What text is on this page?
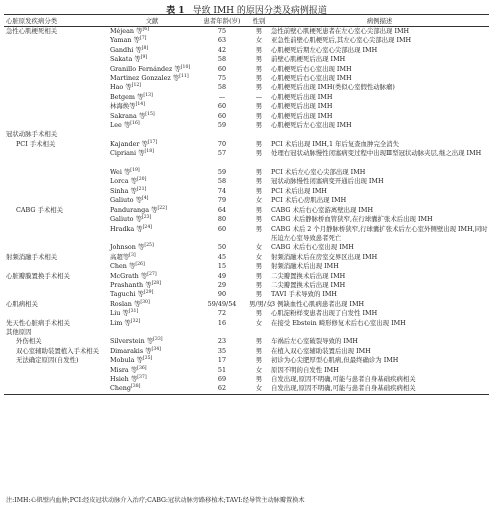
表 1 导致 IMH 的原因分类及病例报道
心脏原发疾病分类	文献	患者年龄(岁)	性别	病例描述
急性心肌梗死相关	Méjean 等[6]	75	男	急性前壁心肌梗死患者在左心室心尖部出现 IMH
	Yaman 等[7]	63	女	亚急性前壁心肌梗死后,其左心室心尖部出现 IMH
	Gandhi 等[8]	42	男	心肌梗死后期左心室心尖部出现 IMH
	Sakata 等[9]	58	男	前壁心肌梗死后出现 IMH
	Granillo Fernández 等[10]	60	男	心肌梗死后右心室出现 IMH
	Martinez Gonzalez 等[11]	75	男	心肌梗死后右心室出现 IMH
	Hao 等[12]	58	男	心肌梗死后出现 IMH(类似心室假性动脉瘤)
	Betgem 等[13]	—	—	心肌梗死后出现 IMH
	林海焕等[14]	60	男	心肌梗死后出现 IMH
	Sakrana 等[15]	60	男	心肌梗死后出现 IMH
	Lee 等[16]	59	男	心肌梗死后左心室出现 IMH
冠状动脉手术相关				
PCI 手术相关	Kajander 等[17]	70	男	PCI 术后出现 IMH,1 年后复查血肿完全消失
	Cipriani 等[18]	57	男	处理右冠状动脉慢性闭塞病变过程中出现Ⅲ型冠状动脉夹层,继之出现 IMH
	Wei 等[19]	59	男	PCI 术后左心室心尖部出现 IMH
	Lorca 等[20]	58	男	冠状动脉慢性闭塞病变开通后出现 IMH
	Sinha 等[21]	74	男	PCI 术后出现 IMH
	Galiuto 等[4]	79	女	PCI 术后心房肌出现 IMH
CABG 手术相关	Panduranga 等[22]	64	男	CABG 术后右心室游离壁出现 IMH
	Galiuto 等[23]	80	男	CABG 术后静脉桥血管狭窄,在行球囊扩张术后出现 IMH
	Hradka 等[24]	60	男	CABG 术后 2 个月静脉桥狭窄,行球囊扩张术后左心室外侧壁出现 IMH,同时压迫左心室导致患者死亡
	Johnson 等[25]	50	女	CABG 术后右心室出现 IMH
射频消融手术相关	高超等[3]	45	女	射频消融术后在房室交界区出现 IMH
	Chen 等[26]	15	男	射频消融术后出现 IMH
心脏瓣膜置换手术相关	McGrath 等[27]	49	男	二尖瓣置换术后出现 IMH
	Prashanth 等[28]	29	男	二尖瓣置换术后出现 IMH
	Taguchi 等[29]	90	男	TAVI 手术导致的 IMH
心肌病相关	Roslan 等[30]	59/49/54	男/男/女	3 例缺血性心肌病患者出现 IMH
	Liu 等[31]	72	男	心肌淀粉样变患者出现了自发性 IMH
先天性心脏病手术相关	Lim 等[32]	16	女	在接受 Ebstein 畸形修复术后右心室出现 IMH
其他原因				
外伤相关	Silverstein 等[33]	23	男	车祸后左心室破裂导致的 IMH
双心室辅助装置植入手术相关	Dimarakis 等[34]	35	男	在植入双心室辅助装置后出现 IMH
无法确定原因(自发性)	Mobula 等[35]	17	男	初诊为心尖肥厚型心肌病,但最终确诊为 IMH
	Misra 等[36]	51	女	原因不明的自发性 IMH
	Hsieh 等[37]	69	男	自发出现,原因不明确,可能与患者自身基础疾病相关
	Cheng[38]	62	女	自发出现,原因不明确,可能与患者自身基础疾病相关
注:IMH:心肌壁内血肿;PCI:经皮冠状动脉介入治疗;CABG:冠状动脉旁路移植术;TAVI:经导管主动脉瓣置换术
